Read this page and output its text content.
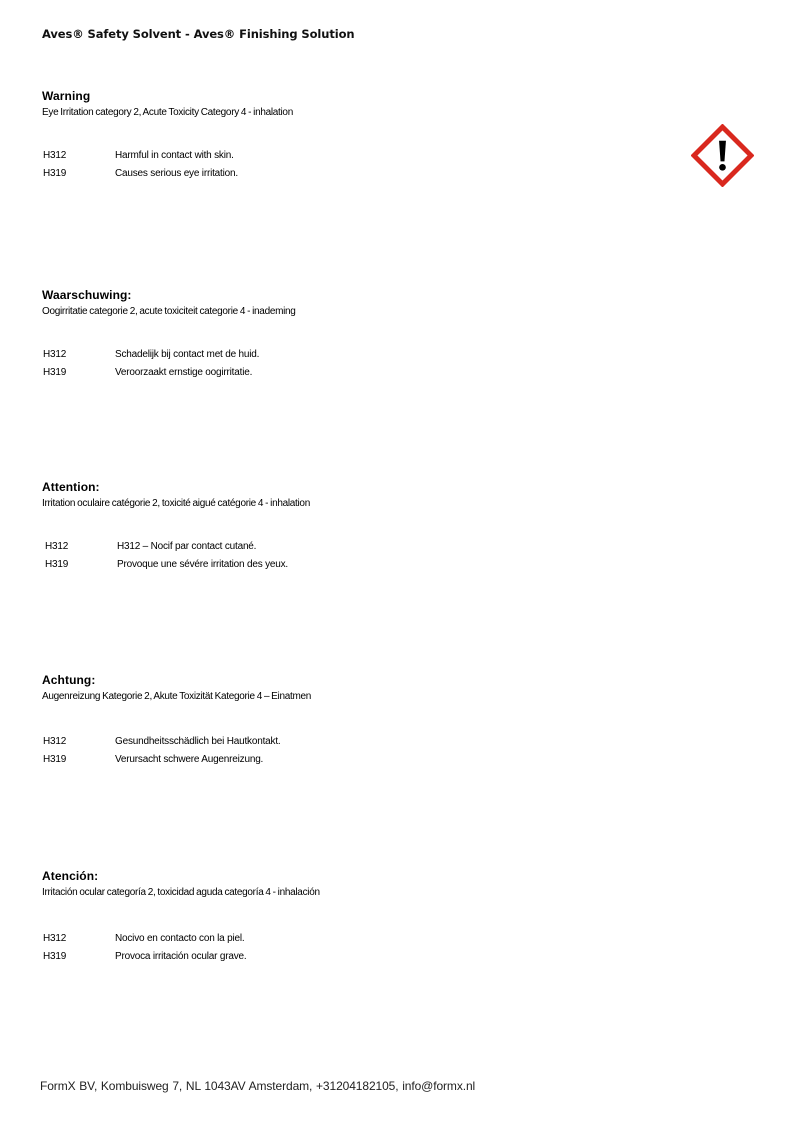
Aves® Safety Solvent - Aves® Finishing Solution
Warning
Eye Irritation category 2, Acute Toxicity Category 4 - inhalation
H312	Harmful in contact with skin.
H319	Causes serious eye irritation.
Waarschuwing:
Oogirritatie categorie 2, acute toxiciteit categorie 4 - inademing
H312	Schadelijk bij contact met de huid.
H319	Veroorzaakt ernstige oogirritatie.
Attention:
Irritation oculaire catégorie 2, toxicité aigué catégorie 4 - inhalation
H312	H312 – Nocif par contact cutané.
H319	Provoque une sévére irritation des yeux.
Achtung:
Augenreizung Kategorie 2, Akute Toxizität Kategorie 4 – Einatmen
H312	Gesundheitsschädlich bei Hautkontakt.
H319	Verursacht schwere Augenreizung.
Atención:
Irritación ocular categoría 2, toxicidad aguda categoría 4 - inhalación
H312	Nocivo en contacto con la piel.
H319	Provoca irritación ocular grave.
FormX BV, Kombuisweg 7, NL 1043AV Amsterdam, +31204182105, info@formx.nl
